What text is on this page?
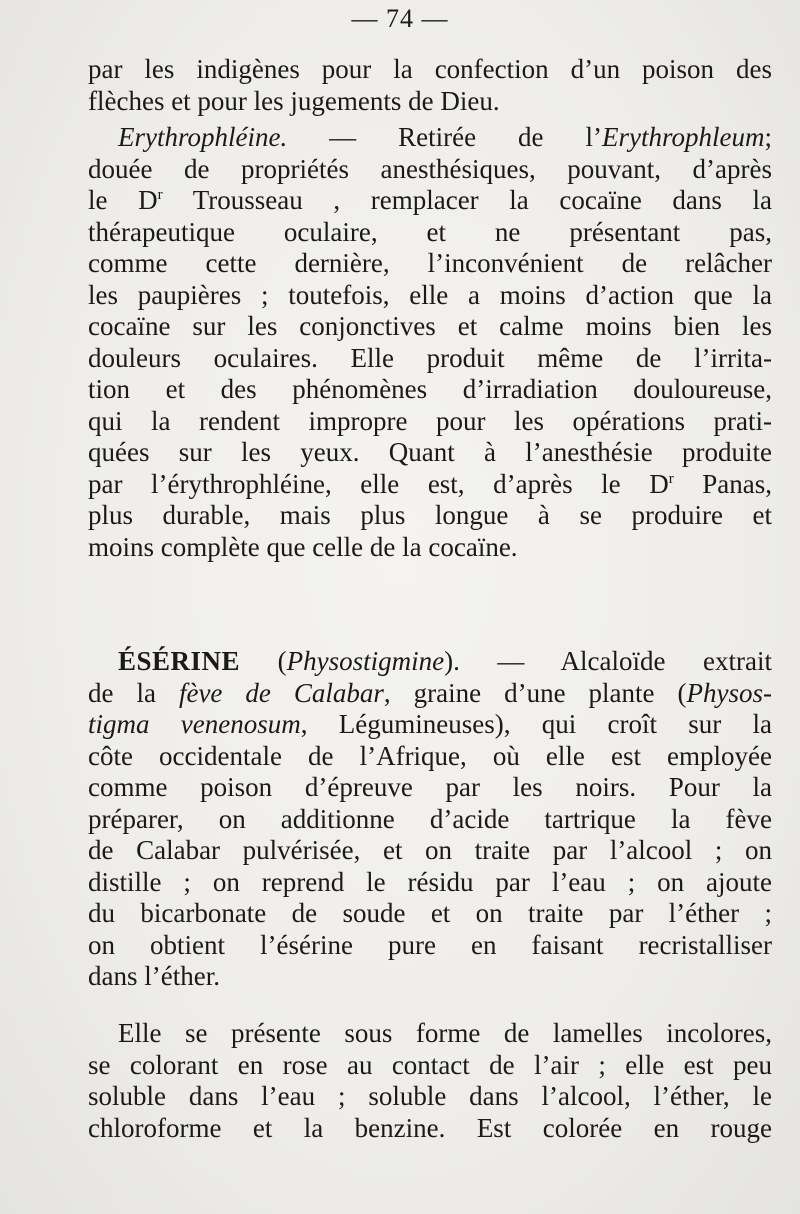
— 74 —
par les indigènes pour la confection d’un poison des
flèches et pour les jugements de Dieu.
Erythrophléine. — Retirée de l’Erythrophleum;
douée de propriétés anesthésiques, pouvant, d’après
le $D^r$ Trousseau , remplacer la cocaïne dans la
thérapeutique oculaire, et ne présentant pas,
comme cette dernière, l’inconvénient de relâcher
les paupières ; toutefois, elle a moins d’action que la
cocaïne sur les conjonctives et calme moins bien les
douleurs oculaires. Elle produit même de l’irrita-
tion et des phénomènes d’irradiation douloureuse,
qui la rendent impropre pour les opérations prati-
quées sur les yeux. Quant à l’anesthésie produite
par l’érythrophléine, elle est, d’après le $D^r$ Panas,
plus durable, mais plus longue à se produire et
moins complète que celle de la cocaïne.
ÉSÉRINE (Physostigmine). — Alcaloïde extrait
de la fève de Calabar, graine d’une plante (Physos-
tigma venenosum, Légumineuses), qui croît sur la
côte occidentale de l’Afrique, où elle est employée
comme poison d’épreuve par les noirs. Pour la
préparer, on additionne d’acide tartrique la fève
de Calabar pulvérisée, et on traite par l’alcool ; on
distille ; on reprend le résidu par l’eau ; on ajoute
du bicarbonate de soude et on traite par l’éther ;
on obtient l’ésérine pure en faisant recristalliser
dans l’éther.
Elle se présente sous forme de lamelles incolores,
se colorant en rose au contact de l’air ; elle est peu
soluble dans l’eau ; soluble dans l’alcool, l’éther, le
chloroforme et la benzine. Est colorée en rouge
